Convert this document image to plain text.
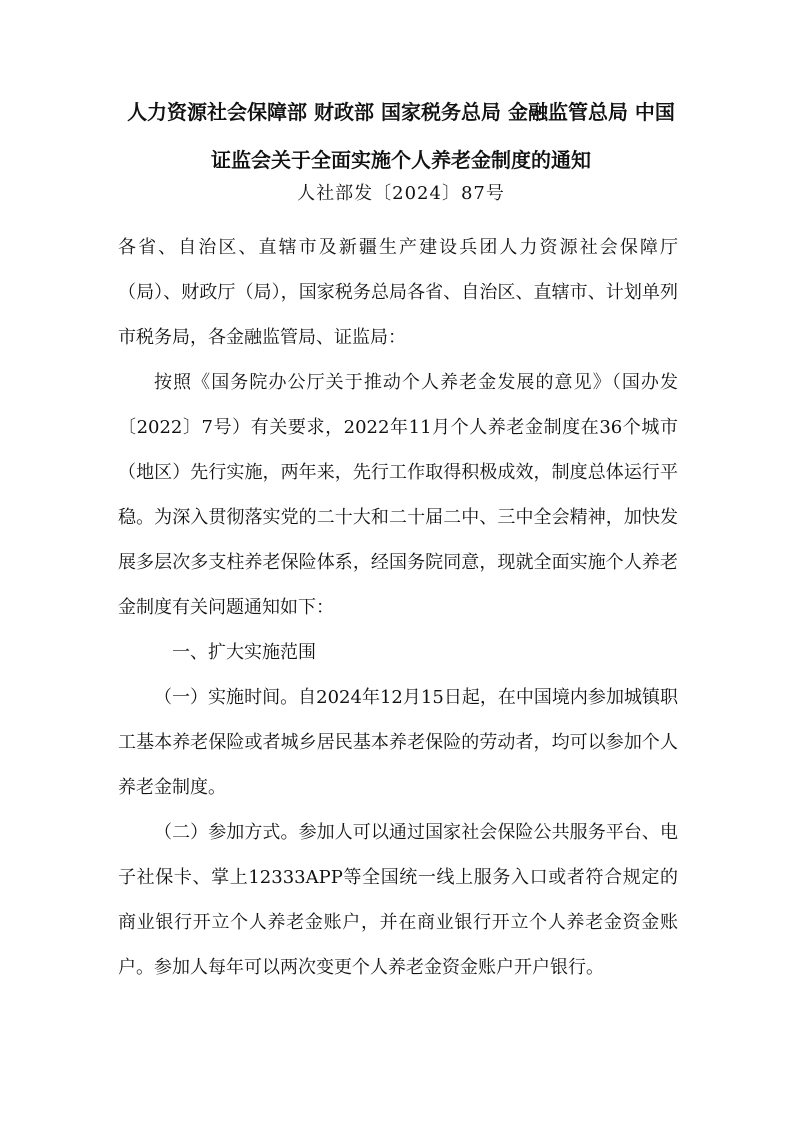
人力资源社会保障部 财政部 国家税务总局 金融监管总局 中国证监会关于全面实施个人养老金制度的通知

人社部发〔2024〕87号

各省、自治区、直辖市及新疆生产建设兵团人力资源社会保障厅（局）、财政厅（局），国家税务总局各省、自治区、直辖市、计划单列市税务局，各金融监管局、证监局：

按照《国务院办公厅关于推动个人养老金发展的意见》（国办发〔2022〕7号）有关要求，2022年11月个人养老金制度在36个城市（地区）先行实施，两年来，先行工作取得积极成效，制度总体运行平稳。为深入贯彻落实党的二十大和二十届二中、三中全会精神，加快发展多层次多支柱养老保险体系，经国务院同意，现就全面实施个人养老金制度有关问题通知如下：

一、扩大实施范围

（一）实施时间。自2024年12月15日起，在中国境内参加城镇职工基本养老保险或者城乡居民基本养老保险的劳动者，均可以参加个人养老金制度。

（二）参加方式。参加人可以通过国家社会保险公共服务平台、电子社保卡、掌上12333APP等全国统一线上服务入口或者符合规定的商业银行开立个人养老金账户，并在商业银行开立个人养老金资金账户。参加人每年可以两次变更个人养老金资金账户开户银行。
